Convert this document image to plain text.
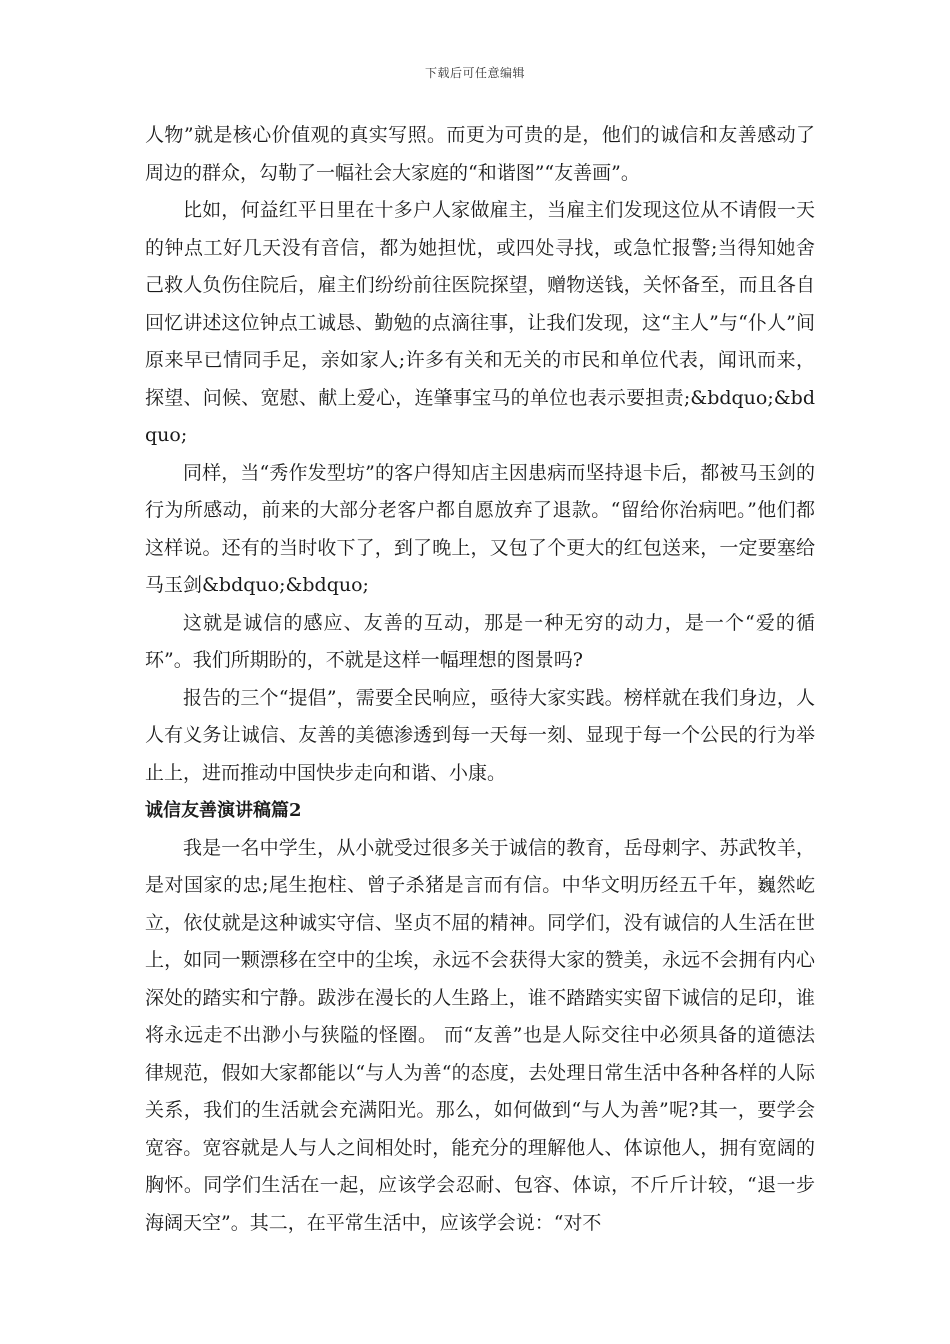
下载后可任意编辑

人物”就是核心价值观的真实写照。而更为可贵的是，他们的诚信和友善感动了周边的群众，勾勒了一幅社会大家庭的“和谐图”“友善画”。

比如，何益红平日里在十多户人家做雇主，当雇主们发现这位从不请假一天的钟点工好几天没有音信，都为她担忧，或四处寻找，或急忙报警;当得知她舍己救人负伤住院后，雇主们纷纷前往医院探望，赠物送钱，关怀备至，而且各自回忆讲述这位钟点工诚恳、勤勉的点滴往事，让我们发现，这“主人”与“仆人”间原来早已情同手足，亲如家人;许多有关和无关的市民和单位代表，闻讯而来，探望、问候、宽慰、献上爱心，连肇事宝马的单位也表示要担责;&bdquo;&bdquo;

同样，当“秀作发型坊”的客户得知店主因患病而坚持退卡后，都被马玉剑的行为所感动，前来的大部分老客户都自愿放弃了退款。“留给你治病吧。”他们都这样说。还有的当时收下了，到了晚上，又包了个更大的红包送来，一定要塞给马玉剑&bdquo;&bdquo;

这就是诚信的感应、友善的互动，那是一种无穷的动力，是一个“爱的循环”。我们所期盼的，不就是这样一幅理想的图景吗?

报告的三个“提倡”，需要全民响应，亟待大家实践。榜样就在我们身边，人人有义务让诚信、友善的美德渗透到每一天每一刻、显现于每一个公民的行为举止上，进而推动中国快步走向和谐、小康。

诚信友善演讲稿篇2

我是一名中学生，从小就受过很多关于诚信的教育，岳母刺字、苏武牧羊，是对国家的忠;尾生抱柱、曾子杀猪是言而有信。中华文明历经五千年，巍然屹立，依仗就是这种诚实守信、坚贞不屈的精神。同学们，没有诚信的人生活在世上，如同一颗漂移在空中的尘埃，永远不会获得大家的赞美，永远不会拥有内心深处的踏实和宁静。跋涉在漫长的人生路上，谁不踏踏实实留下诚信的足印，谁将永远走不出渺小与狭隘的怪圈。 而“友善”也是人际交往中必须具备的道德法律规范，假如大家都能以“与人为善“的态度，去处理日常生活中各种各样的人际关系，我们的生活就会充满阳光。那么，如何做到“与人为善”呢?其一，要学会宽容。宽容就是人与人之间相处时，能充分的理解他人、体谅他人，拥有宽阔的胸怀。同学们生活在一起，应该学会忍耐、包容、体谅，不斤斤计较，“退一步海阔天空”。其二，在平常生活中，应该学会说：“对不
